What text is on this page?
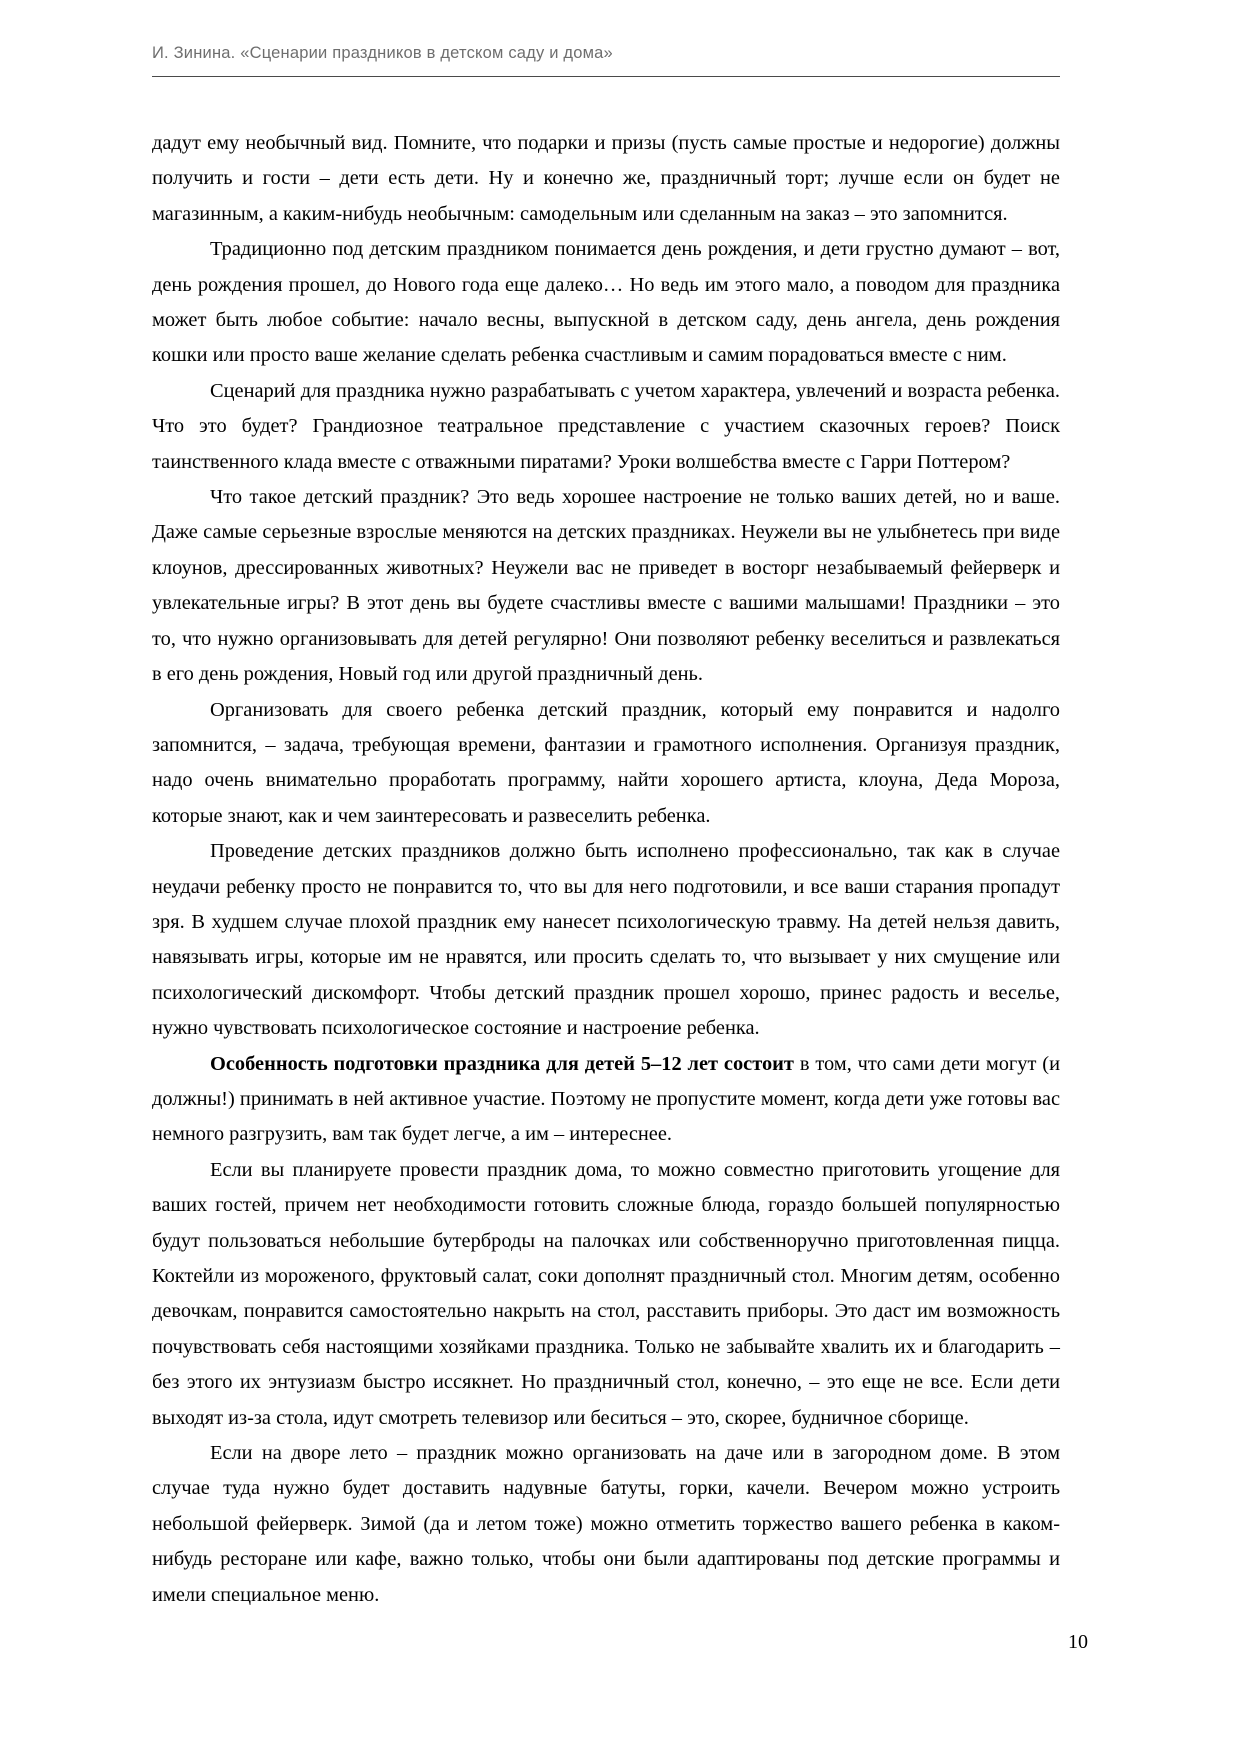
И. Зинина. «Сценарии праздников в детском саду и дома»

дадут ему необычный вид. Помните, что подарки и призы (пусть самые простые и недорогие) должны получить и гости – дети есть дети. Ну и конечно же, праздничный торт; лучше если он будет не магазинным, а каким-нибудь необычным: самодельным или сделанным на заказ – это запомнится.

Традиционно под детским праздником понимается день рождения, и дети грустно думают – вот, день рождения прошел, до Нового года еще далеко… Но ведь им этого мало, а поводом для праздника может быть любое событие: начало весны, выпускной в детском саду, день ангела, день рождения кошки или просто ваше желание сделать ребенка счастливым и самим порадоваться вместе с ним.

Сценарий для праздника нужно разрабатывать с учетом характера, увлечений и возраста ребенка. Что это будет? Грандиозное театральное представление с участием сказочных героев? Поиск таинственного клада вместе с отважными пиратами? Уроки волшебства вместе с Гарри Поттером?

Что такое детский праздник? Это ведь хорошее настроение не только ваших детей, но и ваше. Даже самые серьезные взрослые меняются на детских праздниках. Неужели вы не улыбнетесь при виде клоунов, дрессированных животных? Неужели вас не приведет в восторг незабываемый фейерверк и увлекательные игры? В этот день вы будете счастливы вместе с вашими малышами! Праздники – это то, что нужно организовывать для детей регулярно! Они позволяют ребенку веселиться и развлекаться в его день рождения, Новый год или другой праздничный день.

Организовать для своего ребенка детский праздник, который ему понравится и надолго запомнится, – задача, требующая времени, фантазии и грамотного исполнения. Организуя праздник, надо очень внимательно проработать программу, найти хорошего артиста, клоуна, Деда Мороза, которые знают, как и чем заинтересовать и развеселить ребенка.

Проведение детских праздников должно быть исполнено профессионально, так как в случае неудачи ребенку просто не понравится то, что вы для него подготовили, и все ваши старания пропадут зря. В худшем случае плохой праздник ему нанесет психологическую травму. На детей нельзя давить, навязывать игры, которые им не нравятся, или просить сделать то, что вызывает у них смущение или психологический дискомфорт. Чтобы детский праздник прошел хорошо, принес радость и веселье, нужно чувствовать психологическое состояние и настроение ребенка.

Особенность подготовки праздника для детей 5–12 лет состоит в том, что сами дети могут (и должны!) принимать в ней активное участие. Поэтому не пропустите момент, когда дети уже готовы вас немного разгрузить, вам так будет легче, а им – интереснее.

Если вы планируете провести праздник дома, то можно совместно приготовить угощение для ваших гостей, причем нет необходимости готовить сложные блюда, гораздо большей популярностью будут пользоваться небольшие бутерброды на палочках или собственноручно приготовленная пицца. Коктейли из мороженого, фруктовый салат, соки дополнят праздничный стол. Многим детям, особенно девочкам, понравится самостоятельно накрыть на стол, расставить приборы. Это даст им возможность почувствовать себя настоящими хозяйками праздника. Только не забывайте хвалить их и благодарить – без этого их энтузиазм быстро иссякнет. Но праздничный стол, конечно, – это еще не все. Если дети выходят из-за стола, идут смотреть телевизор или беситься – это, скорее, будничное сборище.

Если на дворе лето – праздник можно организовать на даче или в загородном доме. В этом случае туда нужно будет доставить надувные батуты, горки, качели. Вечером можно устроить небольшой фейерверк. Зимой (да и летом тоже) можно отметить торжество вашего ребенка в каком-нибудь ресторане или кафе, важно только, чтобы они были адаптированы под детские программы и имели специальное меню.

10
